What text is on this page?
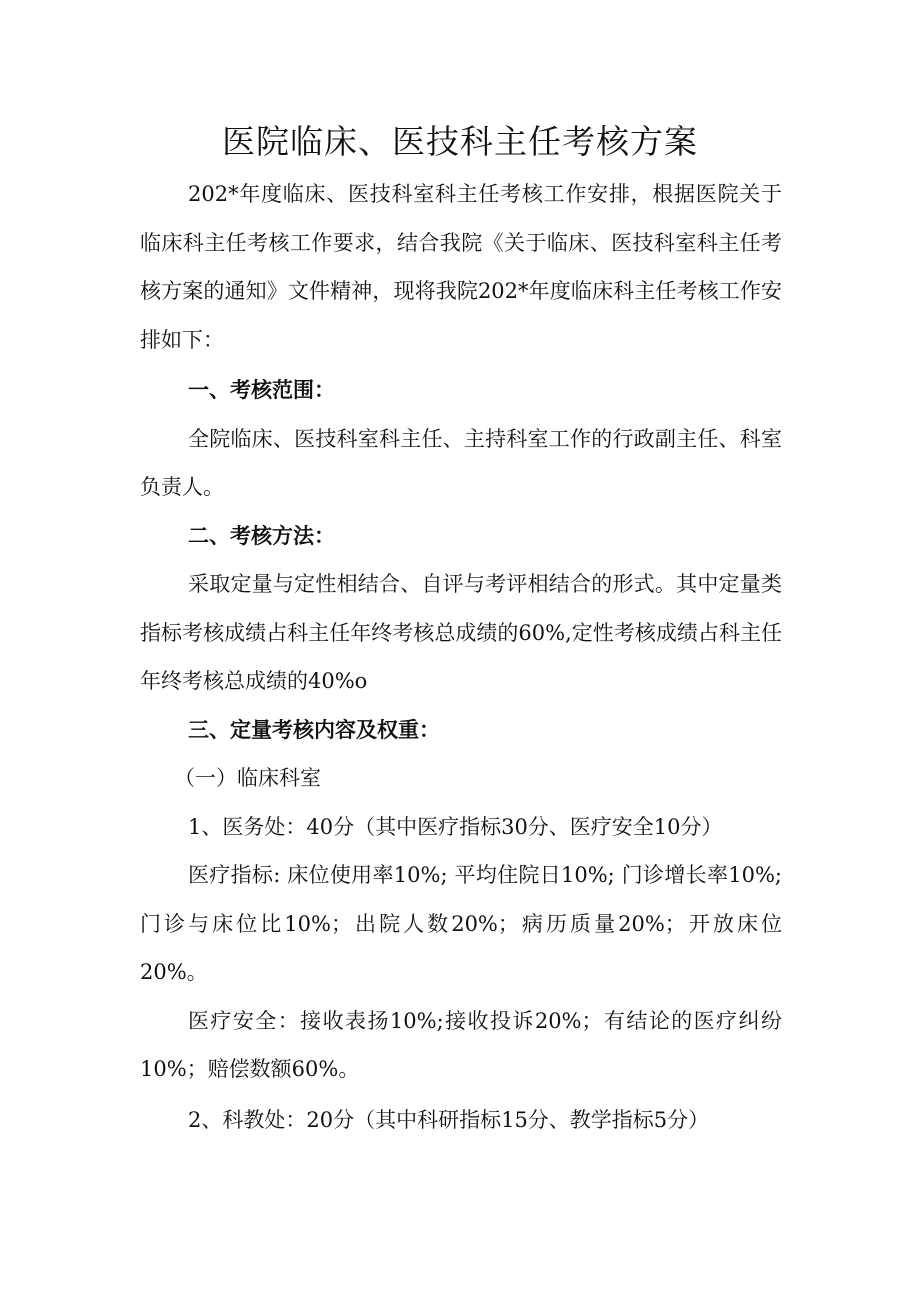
医院临床、医技科主任考核方案

202*年度临床、医技科室科主任考核工作安排，根据医院关于临床科主任考核工作要求，结合我院《关于临床、医技科室科主任考核方案的通知》文件精神，现将我院202*年度临床科主任考核工作安排如下：

一、考核范围：

全院临床、医技科室科主任、主持科室工作的行政副主任、科室负责人。

二、考核方法：

采取定量与定性相结合、自评与考评相结合的形式。其中定量类指标考核成绩占科主任年终考核总成绩的60%,定性考核成绩占科主任年终考核总成绩的40%o

三、定量考核内容及权重：

（一）临床科室

1、医务处：40分（其中医疗指标30分、医疗安全10分）

医疗指标: 床位使用率10%; 平均住院日10%; 门诊增长率10%; 门诊与床位比10%；出院人数20%；病历质量20%；开放床位20%。

医疗安全：接收表扬10%;接收投诉20%；有结论的医疗纠纷10%；赔偿数额60%。

2、科教处：20分（其中科研指标15分、教学指标5分）
